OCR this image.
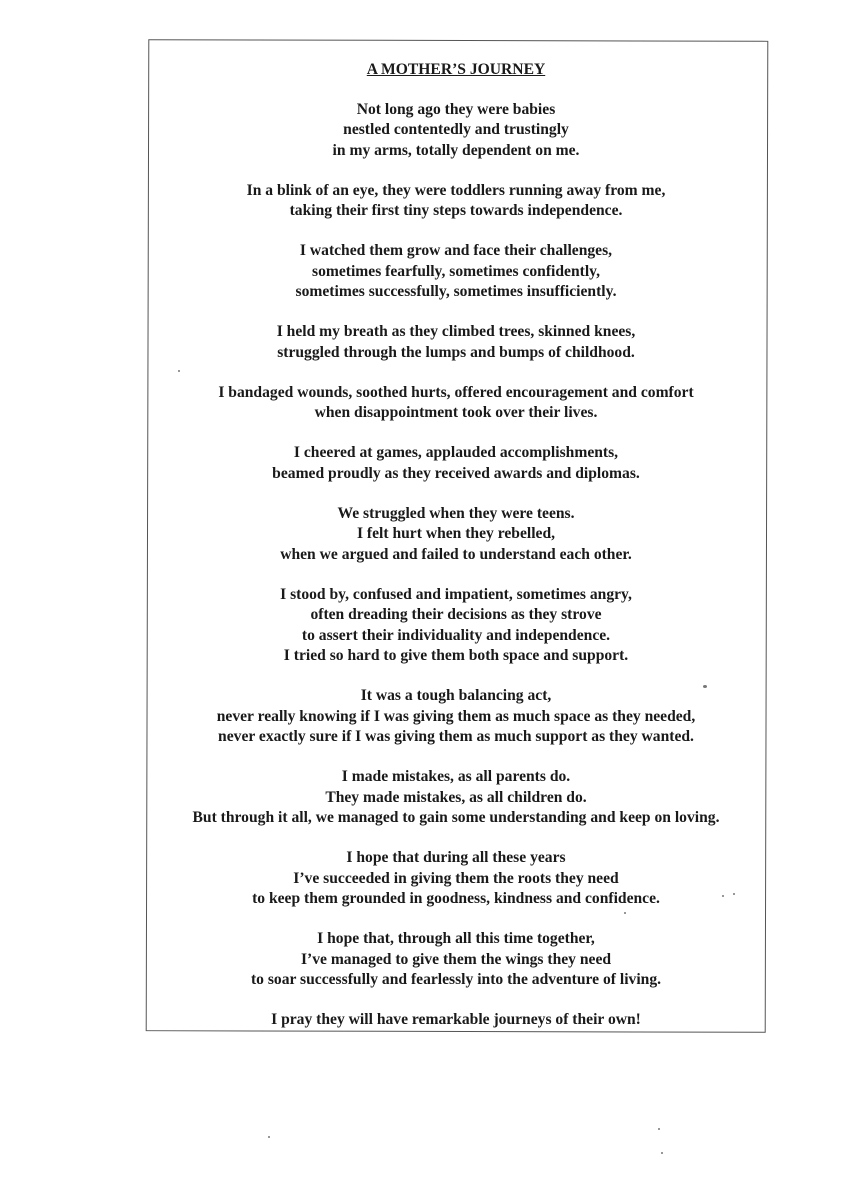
A MOTHER’S JOURNEY
Not long ago they were babies
nestled contentedly and trustingly
in my arms, totally dependent on me.
In a blink of an eye, they were toddlers running away from me,
taking their first tiny steps towards independence.
I watched them grow and face their challenges,
sometimes fearfully, sometimes confidently,
sometimes successfully, sometimes insufficiently.
I held my breath as they climbed trees, skinned knees,
struggled through the lumps and bumps of childhood.
I bandaged wounds, soothed hurts, offered encouragement and comfort
when disappointment took over their lives.
I cheered at games, applauded accomplishments,
beamed proudly as they received awards and diplomas.
We struggled when they were teens.
I felt hurt when they rebelled,
when we argued and failed to understand each other.
I stood by, confused and impatient, sometimes angry,
often dreading their decisions as they strove
to assert their individuality and independence.
I tried so hard to give them both space and support.
It was a tough balancing act,
never really knowing if I was giving them as much space as they needed,
never exactly sure if I was giving them as much support as they wanted.
I made mistakes, as all parents do.
They made mistakes, as all children do.
But through it all, we managed to gain some understanding and keep on loving.
I hope that during all these years
I’ve succeeded in giving them the roots they need
to keep them grounded in goodness, kindness and confidence.
I hope that, through all this time together,
I’ve managed to give them the wings they need
to soar successfully and fearlessly into the adventure of living.
I pray they will have remarkable journeys of their own!
